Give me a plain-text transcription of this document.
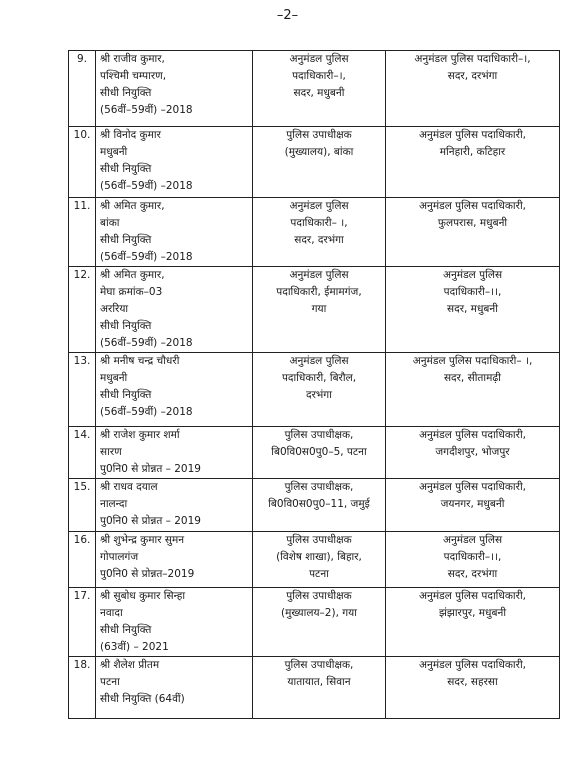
–2–
9.	श्री राजीव कुमार,
पश्चिमी चम्पारण,
सीधी नियुक्ति
(56वीं–59वीं) –2018	अनुमंडल पुलिस
पदाधिकारी–।,
सदर, मधुबनी	अनुमंडल पुलिस पदाधिकारी–।,
सदर, दरभंगा

10.	श्री विनोद कुमार
मधुबनी
सीधी नियुक्ति
(56वीं–59वीं) –2018	पुलिस उपाधीक्षक
(मुख्यालय), बांका	अनुमंडल पुलिस पदाधिकारी,
मनिहारी, कटिहार

11.	श्री अमित कुमार,
बांका
सीधी नियुक्ति
(56वीं–59वीं) –2018	अनुमंडल पुलिस
पदाधिकारी– ।,
सदर, दरभंगा	अनुमंडल पुलिस पदाधिकारी,
फुलपरास, मधुबनी

12.	श्री अमित कुमार,
मेघा क्रमांक–03
अररिया
सीधी नियुक्ति
(56वीं–59वीं) –2018	अनुमंडल पुलिस
पदाधिकारी, ईमामगंज,
गया	अनुमंडल पुलिस
पदाधिकारी–।।,
सदर, मधुबनी

13.	श्री मनीष चन्द्र चौधरी
मधुबनी
सीधी नियुक्ति
(56वीं–59वीं) –2018	अनुमंडल पुलिस
पदाधिकारी, बिरौल,
दरभंगा	अनुमंडल पुलिस पदाधिकारी– ।,
सदर, सीतामढ़ी

14.	श्री राजेश कुमार शर्मा
सारण
पु0नि0 से प्रोन्नत – 2019	पुलिस उपाधीक्षक,
बि0वि0स0पु0–5, पटना	अनुमंडल पुलिस पदाधिकारी,
जगदीशपुर, भोजपुर

15.	श्री राधव दयाल
नालन्दा
पु0नि0 से प्रोन्नत – 2019	पुलिस उपाधीक्षक,
बि0वि0स0पु0–11, जमुई	अनुमंडल पुलिस पदाधिकारी,
जयनगर, मधुबनी

16.	श्री शुभेन्द्र कुमार सुमन
गोपालगंज
पु0नि0 से प्रोन्नत–2019	पुलिस उपाधीक्षक
(विशेष शाखा), बिहार,
पटना	अनुमंडल पुलिस
पदाधिकारी–।।,
सदर, दरभंगा

17.	श्री सुबोध कुमार सिन्हा
नवादा
सीधी नियुक्ति
(63वीं) – 2021	पुलिस उपाधीक्षक
(मुख्यालय–2), गया	अनुमंडल पुलिस पदाधिकारी,
झंझारपुर, मधुबनी

18.	श्री शैलेश प्रीतम
पटना
सीधी नियुक्ति (64वीं)	पुलिस उपाधीक्षक,
यातायात, सिवान	अनुमंडल पुलिस पदाधिकारी,
सदर, सहरसा
